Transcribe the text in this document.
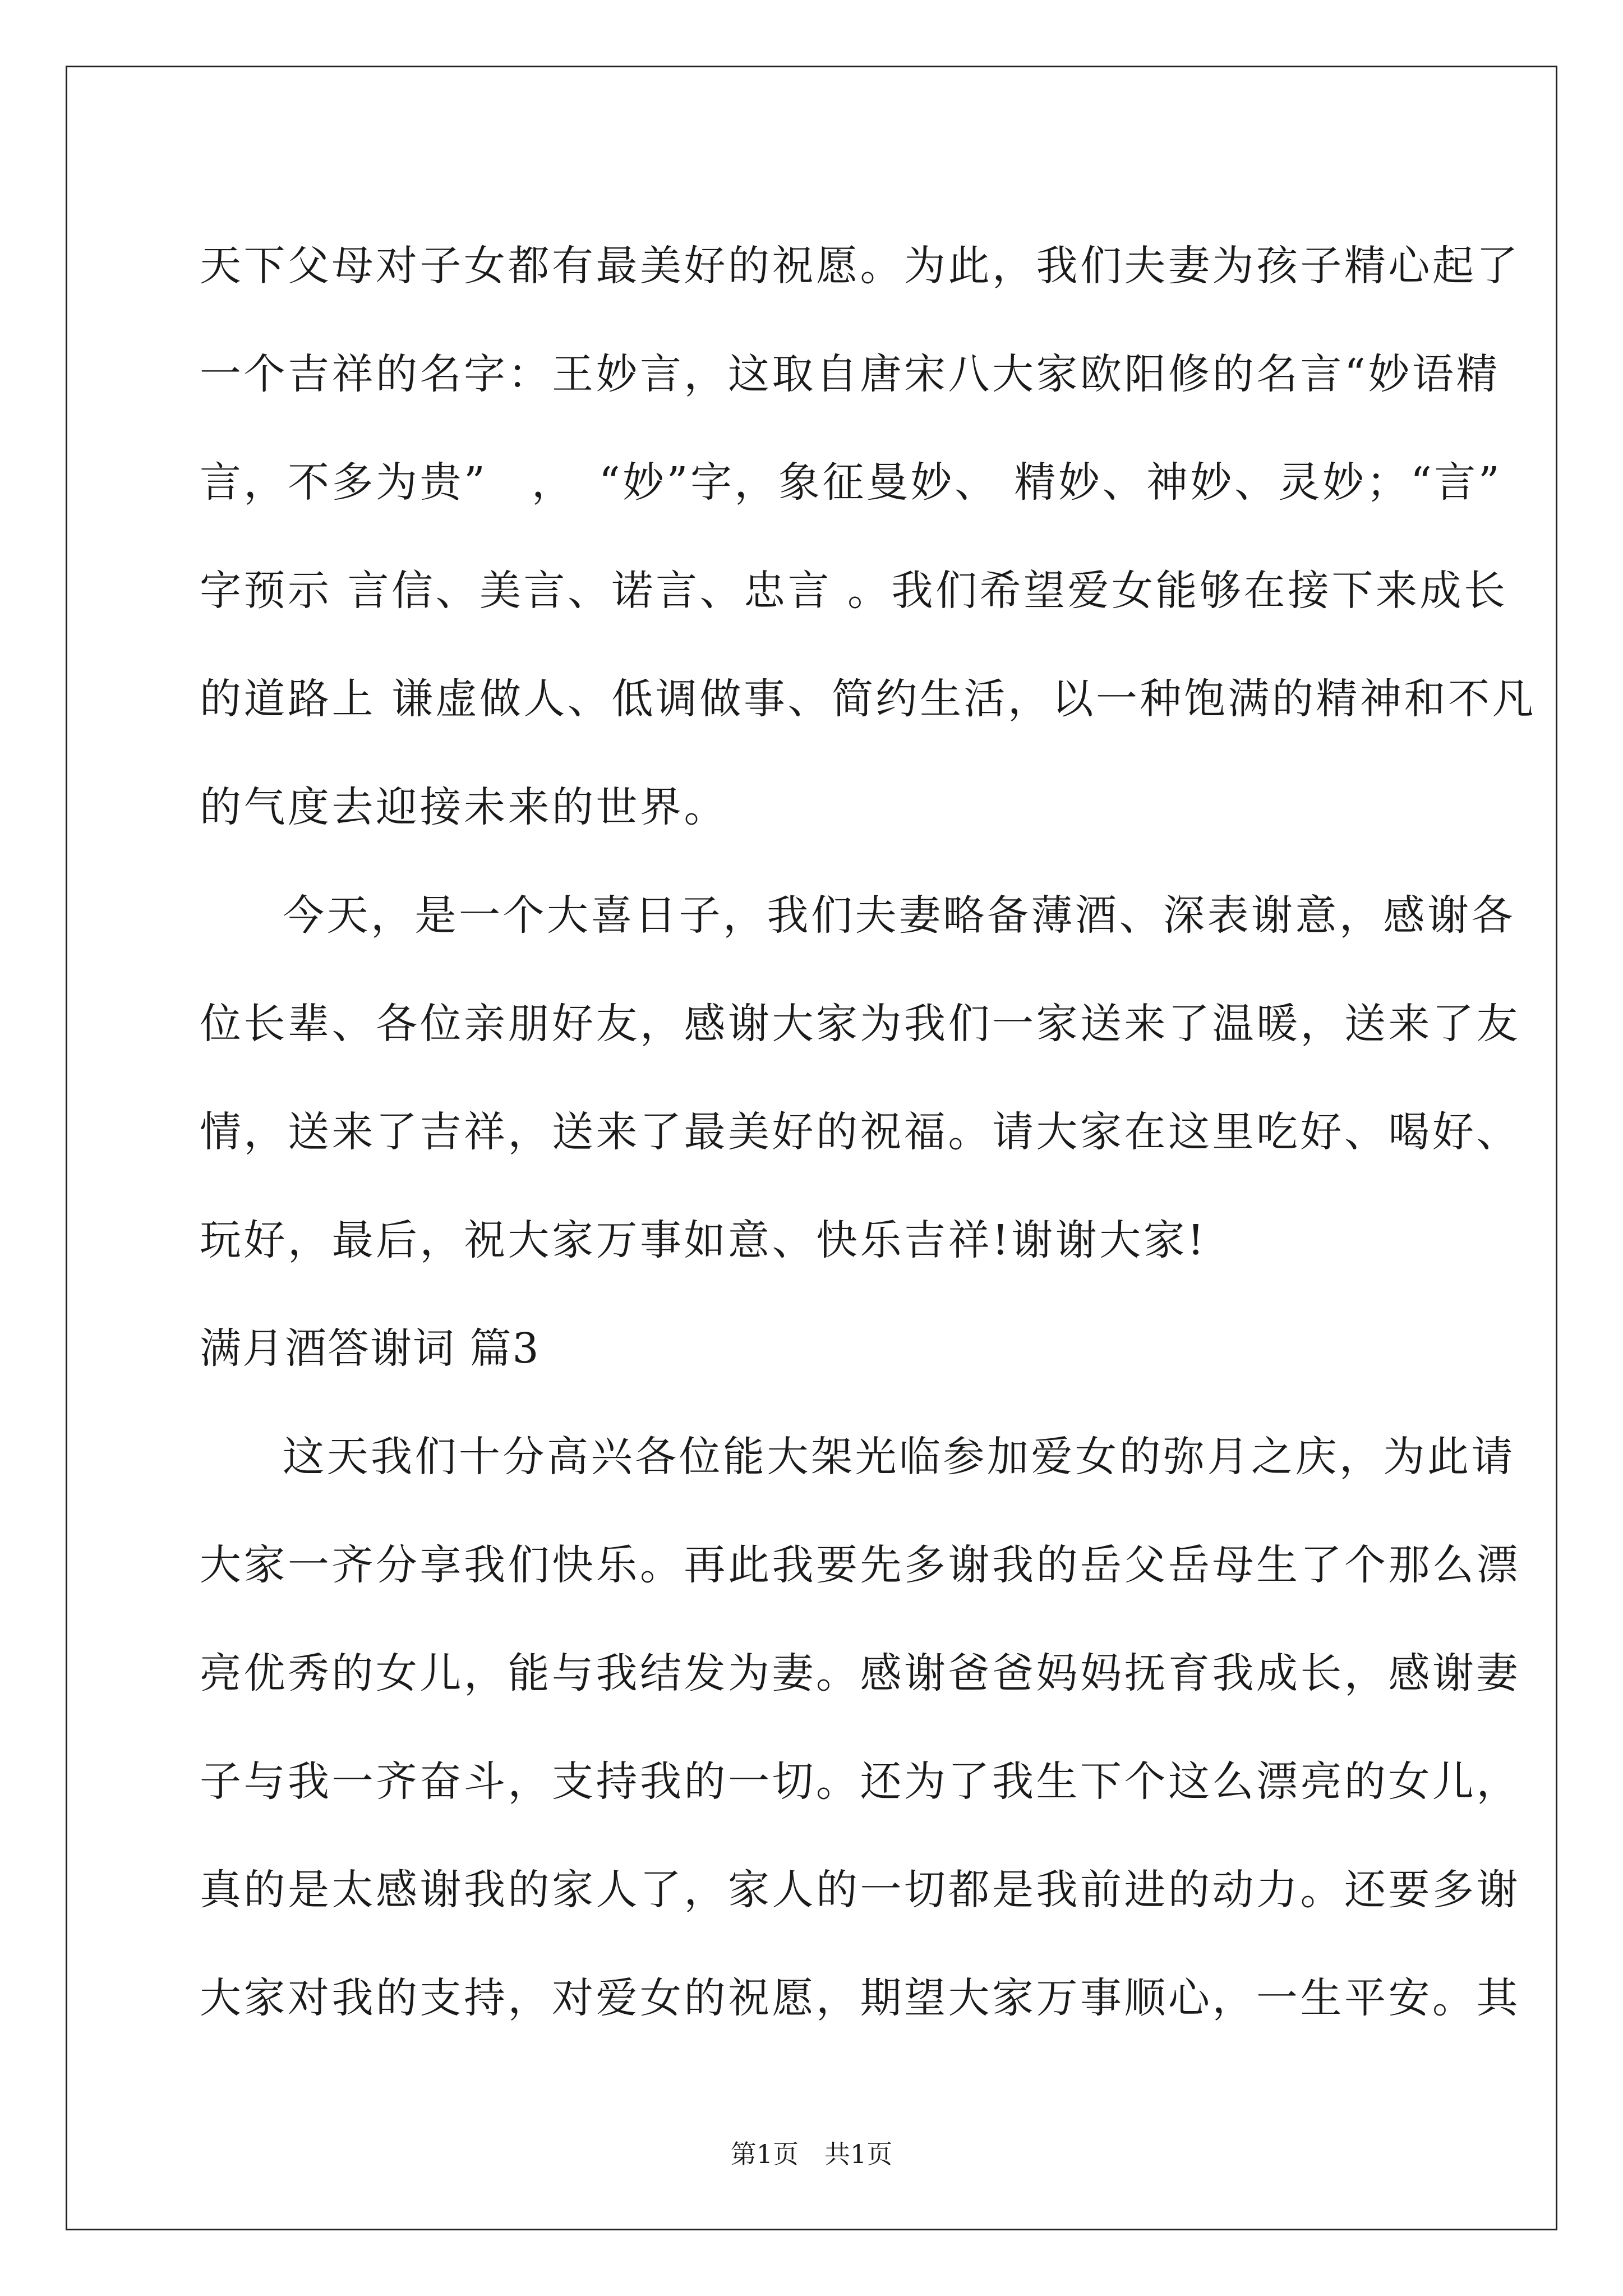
天下父母对子女都有最美好的祝愿。为此，我们夫妻为孩子精心起了
一个吉祥的名字：王妙言，这取自唐宋八大家欧阳修的名言“妙语精
言，不多为贵”　，　“妙”字，象征曼妙、 精妙、神妙、灵妙；“言”
字预示 言信、美言、诺言、忠言 。我们希望爱女能够在接下来成长
的道路上 谦虚做人、低调做事、简约生活，以一种饱满的精神和不凡
的气度去迎接未来的世界。
今天，是一个大喜日子，我们夫妻略备薄酒、深表谢意，感谢各
位长辈、各位亲朋好友，感谢大家为我们一家送来了温暖，送来了友
情，送来了吉祥，送来了最美好的祝福。请大家在这里吃好、喝好、
玩好，最后，祝大家万事如意、快乐吉祥!谢谢大家!
满月酒答谢词 篇3
这天我们十分高兴各位能大架光临参加爱女的弥月之庆，为此请
大家一齐分享我们快乐。再此我要先多谢我的岳父岳母生了个那么漂
亮优秀的女儿，能与我结发为妻。感谢爸爸妈妈抚育我成长，感谢妻
子与我一齐奋斗，支持我的一切。还为了我生下个这么漂亮的女儿，
真的是太感谢我的家人了，家人的一切都是我前进的动力。还要多谢
大家对我的支持，对爱女的祝愿，期望大家万事顺心，一生平安。其
第1页　共1页
